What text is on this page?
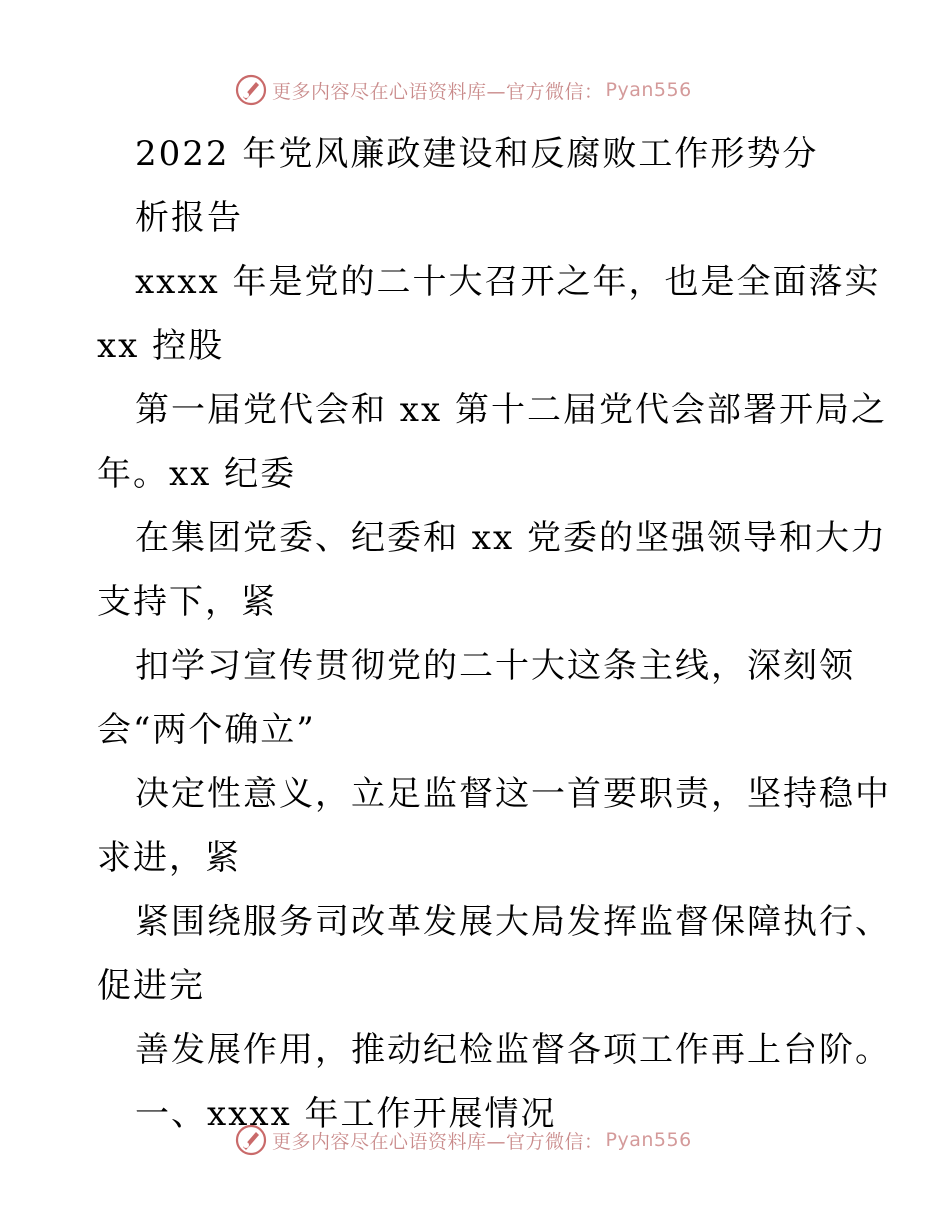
更多内容尽在心语资料库—官方微信： Pyan556
2022 年党风廉政建设和反腐败工作形势分
析报告
xxxx 年是党的二十大召开之年，也是全面落实
xx 控股
第一届党代会和 xx 第十二届党代会部署开局之
年。xx 纪委
在集团党委、纪委和 xx 党委的坚强领导和大力
支持下，紧
扣学习宣传贯彻党的二十大这条主线，深刻领
会“两个确立”
决定性意义，立足监督这一首要职责，坚持稳中
求进，紧
紧围绕服务司改革发展大局发挥监督保障执行、
促进完
善发展作用，推动纪检监督各项工作再上台阶。
一、xxxx 年工作开展情况
更多内容尽在心语资料库—官方微信： Pyan556
